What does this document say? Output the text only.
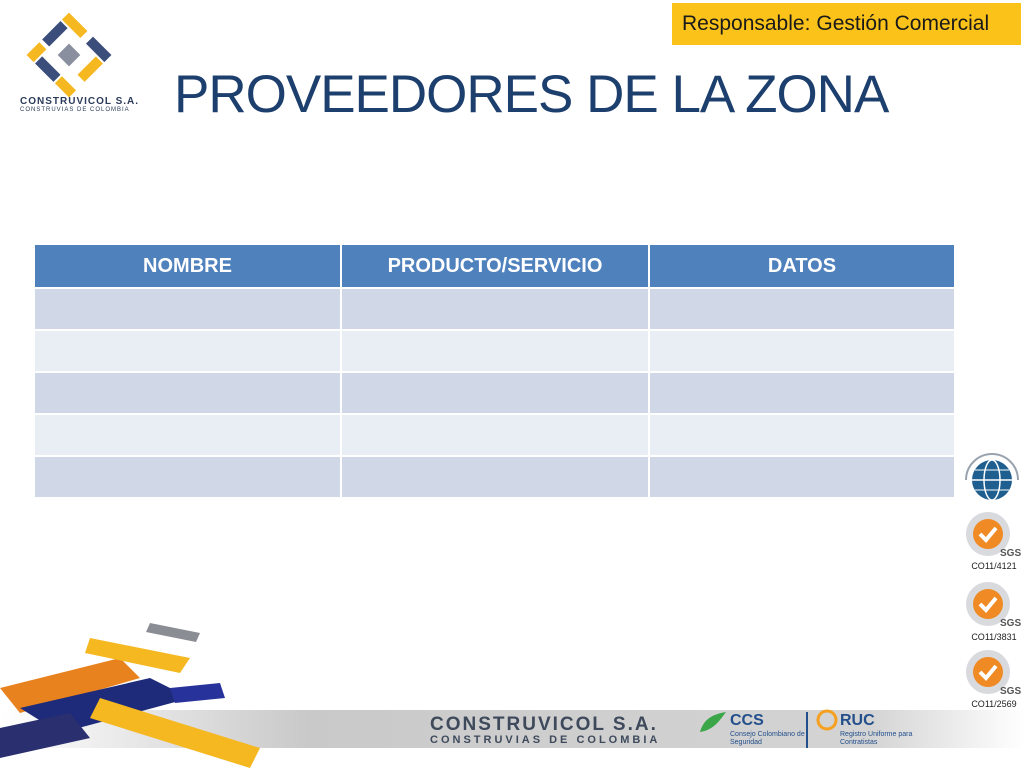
CONSTRUVICOL S.A.
CONSTRUVIAS DE COLOMBIA
Responsable: Gestión Comercial
PROVEEDORES DE LA ZONA
NOMBRE	PRODUCTO/SERVICIO	DATOS

SGS
CO11/4121
SGS
CO11/3831
SGS
CO11/2569
CONSTRUVICOL S.A.
CONSTRUVIAS DE COLOMBIA
CCS
Consejo Colombiano de Seguridad
RUC
Registro Uniforme para Contratistas
